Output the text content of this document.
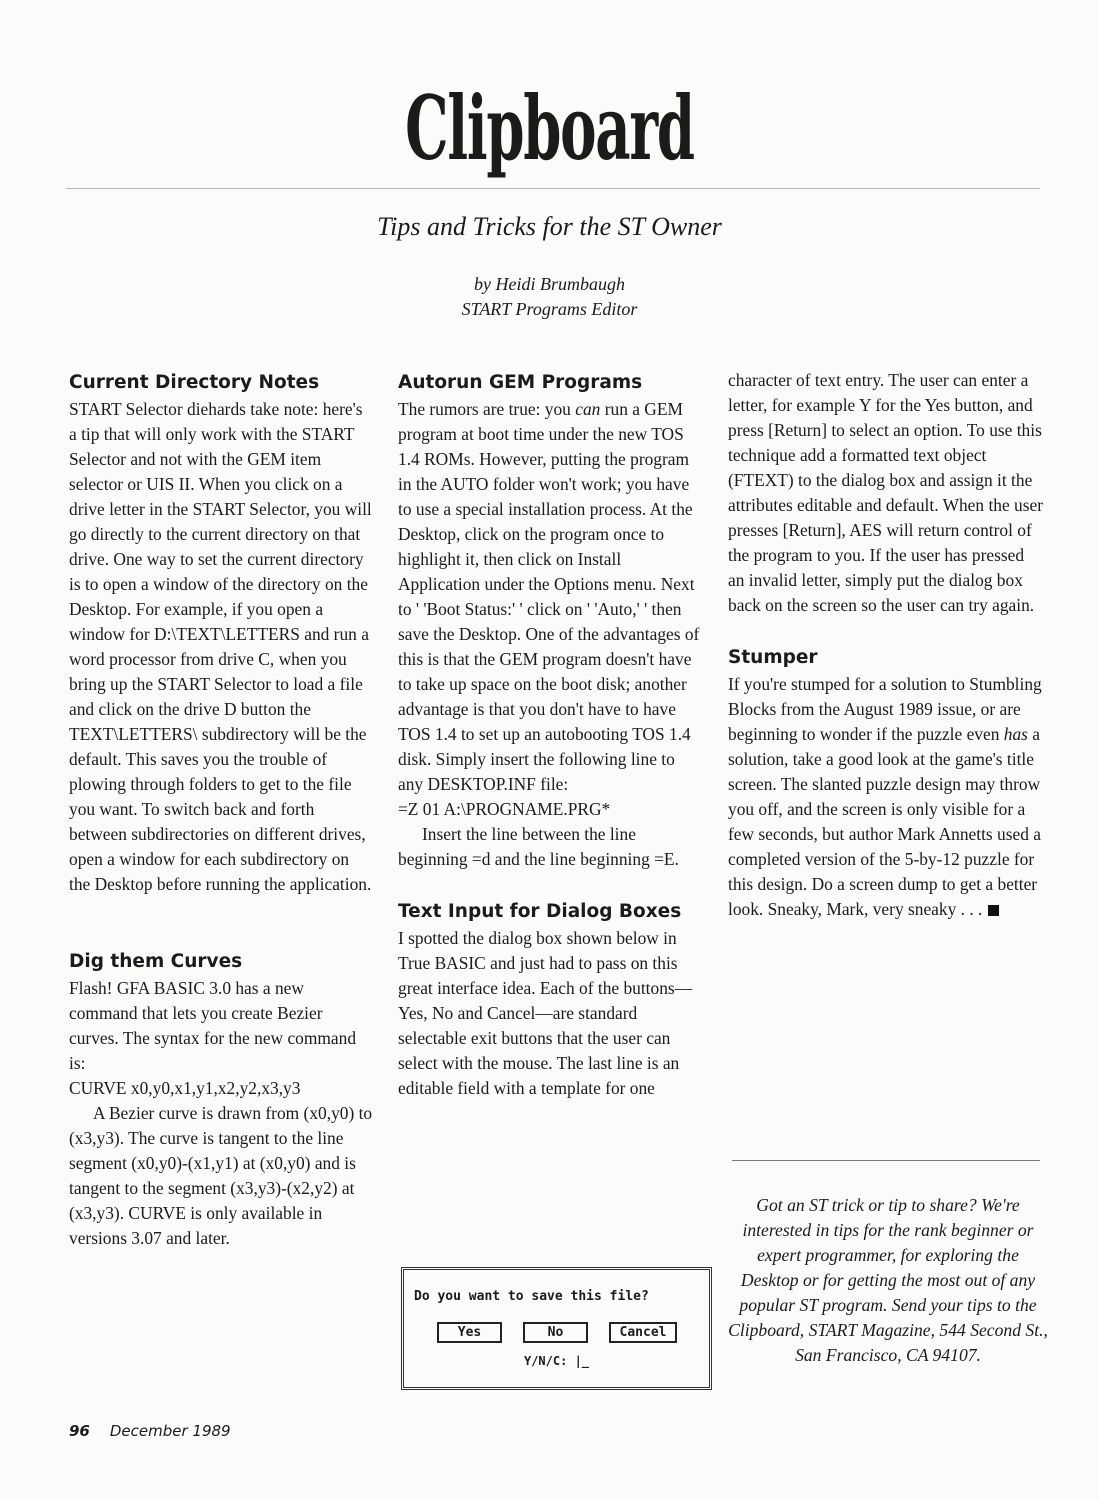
Clipboard
Tips and Tricks for the ST Owner
by Heidi Brumbaugh
START Programs Editor
Current Directory Notes

START Selector diehards take note: here's a tip that will only work with the START Selector and not with the GEM item selector or UIS II. When you click on a drive letter in the START Selector, you will go directly to the current directory on that drive. One way to set the current directory is to open a window of the directory on the Desktop. For example, if you open a window for D:\TEXT\LETTERS and run a word processor from drive C, when you bring up the START Selector to load a file and click on the drive D button the TEXT\LETTERS\ subdirectory will be the default. This saves you the trouble of plowing through folders to get to the file you want. To switch back and forth between subdirectories on different drives, open a window for each subdirectory on the Desktop before running the application.

Dig them Curves

Flash! GFA BASIC 3.0 has a new command that lets you create Bezier curves. The syntax for the new command is:

CURVE x0,y0,x1,y1,x2,y2,x3,y3

A Bezier curve is drawn from (x0,y0) to (x3,y3). The curve is tangent to the line segment (x0,y0)-(x1,y1) at (x0,y0) and is tangent to the segment (x3,y3)-(x2,y2) at (x3,y3). CURVE is only available in versions 3.07 and later.

Autorun GEM Programs

The rumors are true: you can run a GEM program at boot time under the new TOS 1.4 ROMs. However, putting the program in the AUTO folder won't work; you have to use a special installation process. At the Desktop, click on the program once to highlight it, then click on Install Application under the Options menu. Next to ' 'Boot Status:' ' click on ' 'Auto,' ' then save the Desktop. One of the advantages of this is that the GEM program doesn't have to take up space on the boot disk; another advantage is that you don't have to have TOS 1.4 to set up an autobooting TOS 1.4 disk. Simply insert the following line to any DESKTOP.INF file:

=Z 01 A:\PROGNAME.PRG*

Insert the line between the line beginning =d and the line beginning =E.

Text Input for Dialog Boxes

I spotted the dialog box shown below in True BASIC and just had to pass on this great interface idea. Each of the buttons—Yes, No and Cancel—are standard selectable exit buttons that the user can select with the mouse. The last line is an editable field with a template for one

Do you want to save this file?
Yes	No	Cancel
Y/N/C: |_

character of text entry. The user can enter a letter, for example Y for the Yes button, and press [Return] to select an option. To use this technique add a formatted text object (FTEXT) to the dialog box and assign it the attributes editable and default. When the user presses [Return], AES will return control of the program to you. If the user has pressed an invalid letter, simply put the dialog box back on the screen so the user can try again.

Stumper

If you're stumped for a solution to Stumbling Blocks from the August 1989 issue, or are beginning to wonder if the puzzle even has a solution, take a good look at the game's title screen. The slanted puzzle design may throw you off, and the screen is only visible for a few seconds, but author Mark Annetts used a completed version of the 5-by-12 puzzle for this design. Do a screen dump to get a better look. Sneaky, Mark, very sneaky . . .

Got an ST trick or tip to share? We're interested in tips for the rank beginner or expert programmer, for exploring the Desktop or for getting the most out of any popular ST program. Send your tips to the Clipboard, START Magazine, 544 Second St., San Francisco, CA 94107.
96 December 1989
